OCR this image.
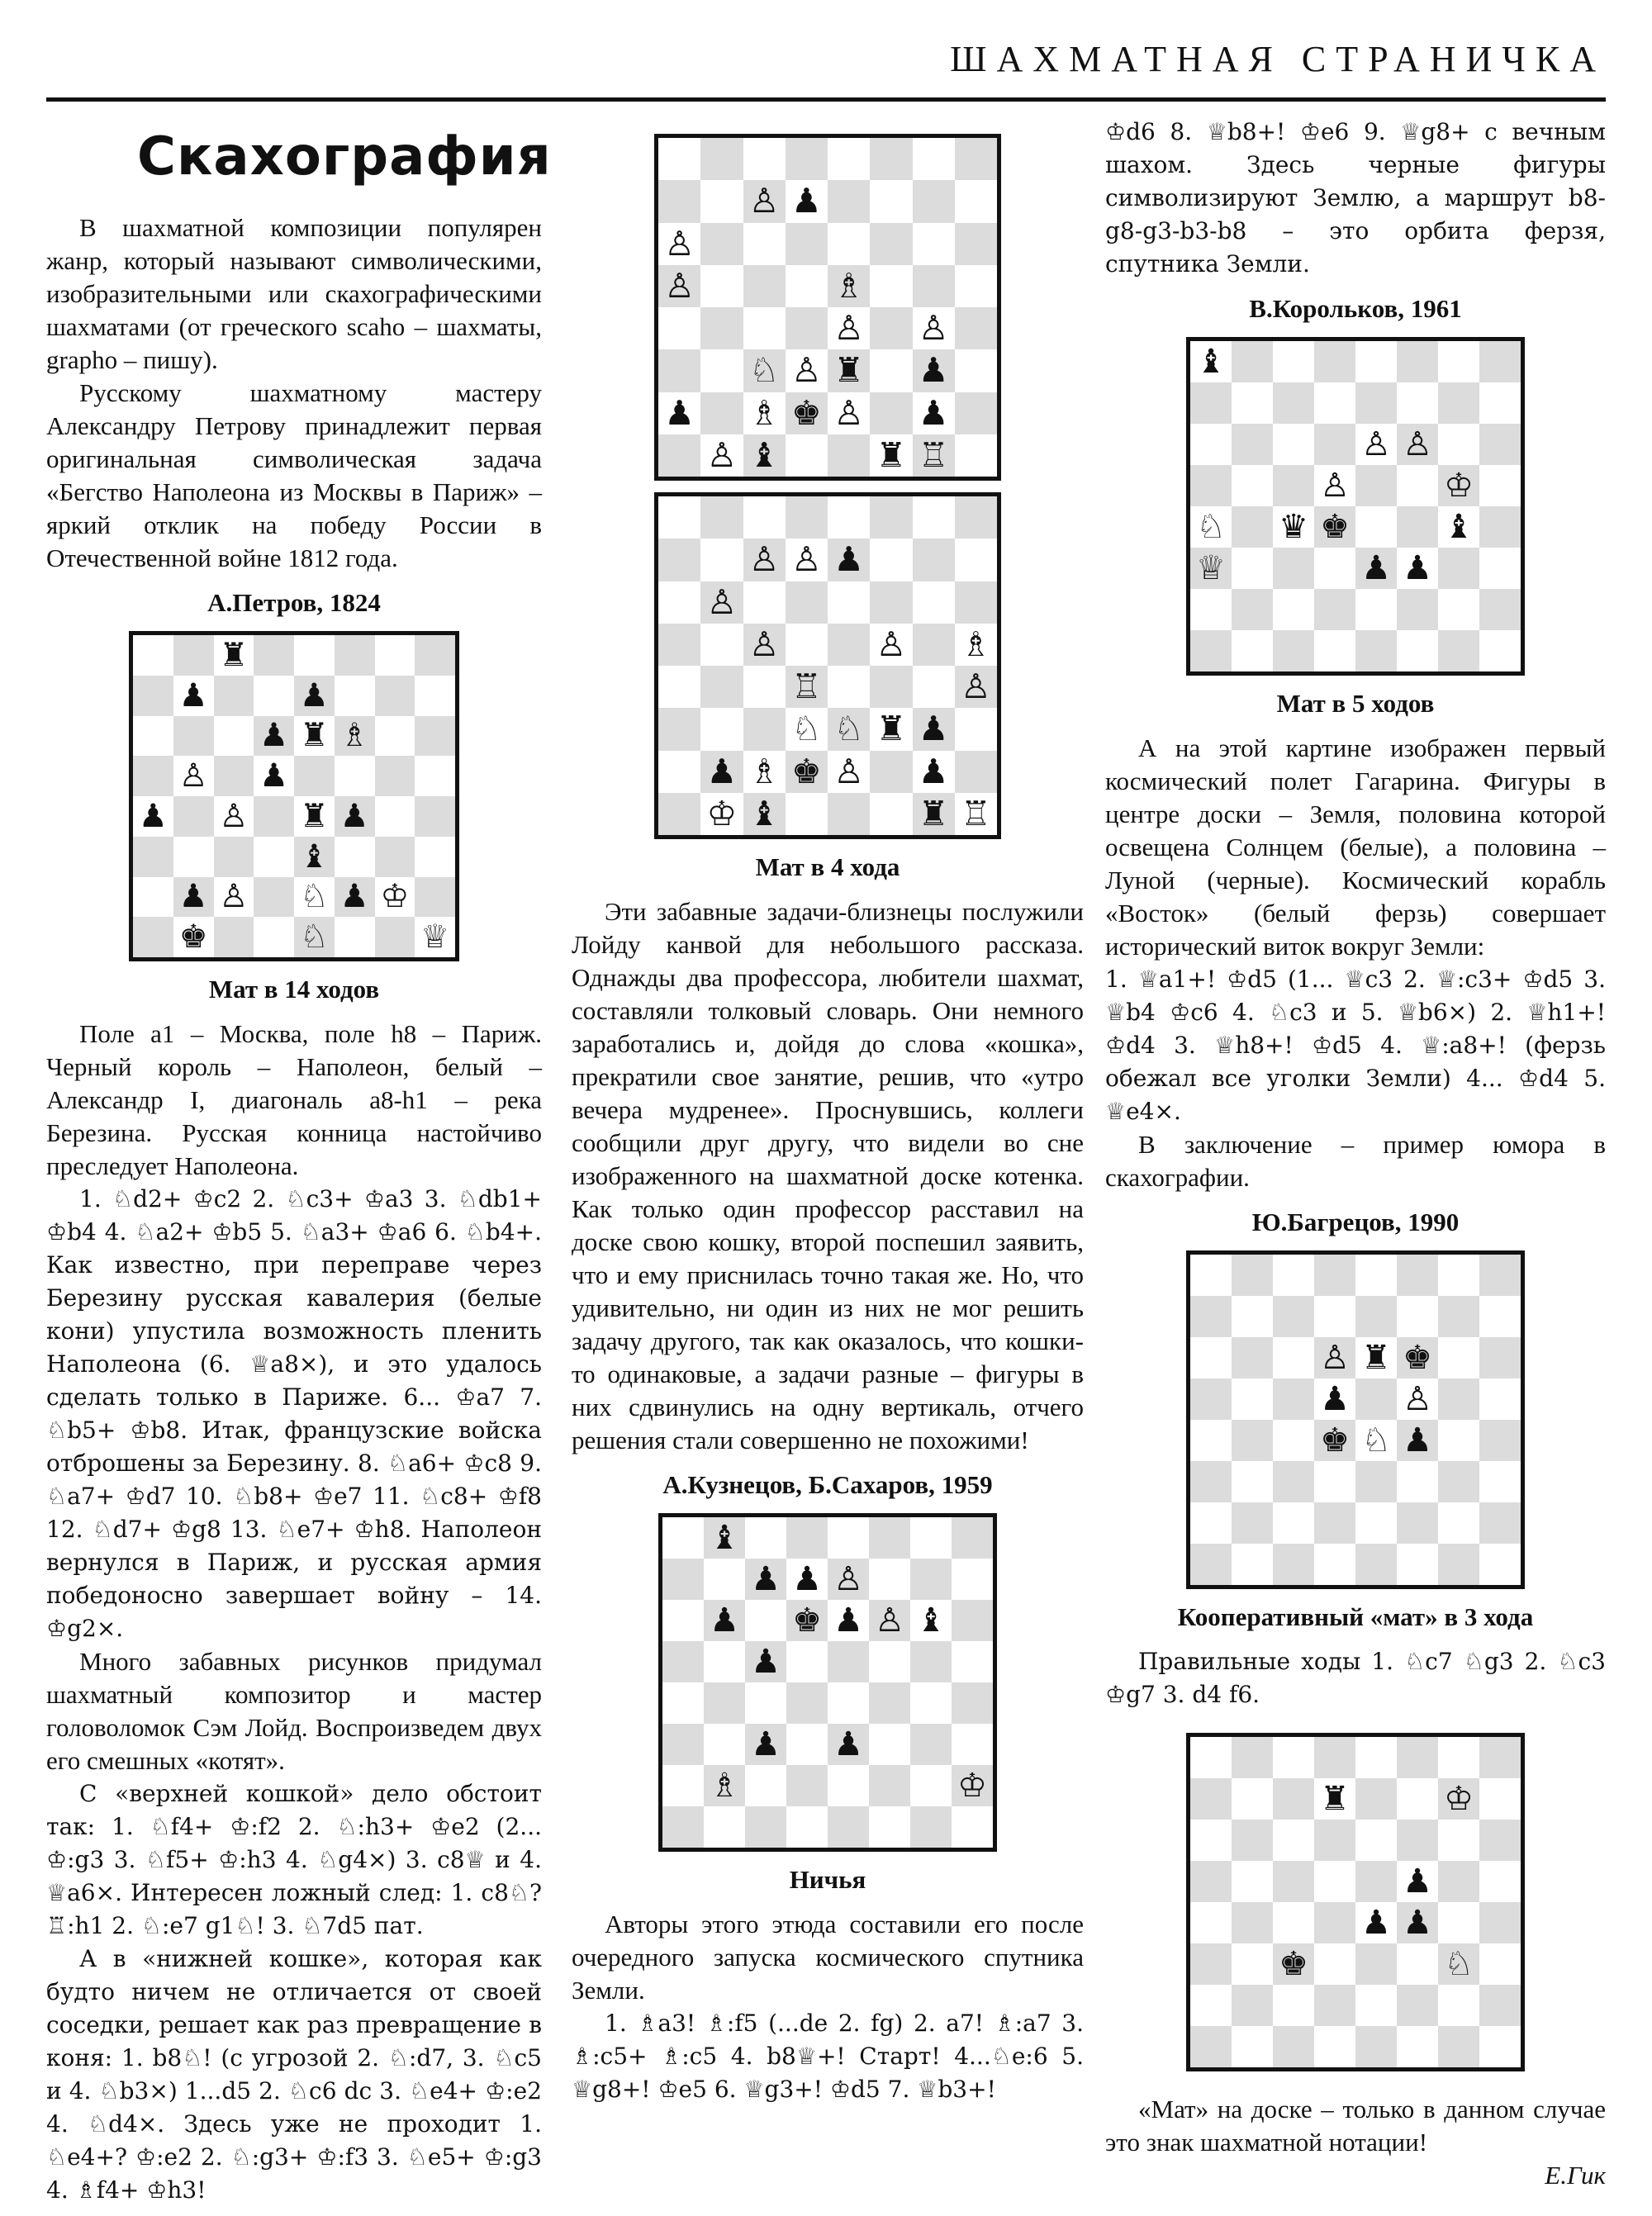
ШАХМАТНАЯ СТРАНИЧКА
Скахография

В шахматной композиции популярен жанр, который называют символическими, изобразительными или скахографическими шахматами (от греческого scaho – шахматы, grapho – пишу).

Русскому шахматному мастеру Александру Петрову принадлежит первая оригинальная символическая задача «Бегство Наполеона из Москвы в Париж» – яркий отклик на победу России в Отечественной войне 1812 года.

А.Петров, 1824
♜
♟	♟
♟ ♜ ♗
♙ ♟
♟ ♙ ♜ ♟
♝
♟ ♙ ♘ ♟ ♔
♚	♘	♕
Мат в 14 ходов

Поле a1 – Москва, поле h8 – Париж. Черный король – Наполеон, белый – Александр I, диагональ a8-h1 – река Березина. Русская конница настойчиво преследует Наполеона.

1. ♘d2+ ♔c2 2. ♘c3+ ♔a3 3. ♘db1+ ♔b4 4. ♘a2+ ♔b5 5. ♘a3+ ♔a6 6. ♘b4+. Как известно, при переправе через Березину русская кавалерия (белые кони) упустила возможность пленить Наполеона (6. ♕a8×), и это удалось сделать только в Париже. 6... ♔a7 7. ♘b5+ ♔b8. Итак, французские войска отброшены за Березину. 8. ♘a6+ ♔c8 9. ♘a7+ ♔d7 10. ♘b8+ ♔e7 11. ♘c8+ ♔f8 12. ♘d7+ ♔g8 13. ♘e7+ ♔h8. Наполеон вернулся в Париж, и русская армия победоносно завершает войну – 14. ♔g2×.

Много забавных рисунков придумал шахматный композитор и мастер головоломок Сэм Лойд. Воспроизведем двух его смешных «котят».

С «верхней кошкой» дело обстоит так: 1. ♘f4+ ♔:f2 2. ♘:h3+ ♔e2 (2... ♔:g3 3. ♘f5+ ♔:h3 4. ♘g4×) 3. c8♕ и 4. ♕a6×. Интересен ложный след: 1. c8♘? ♖:h1 2. ♘:e7 g1♘! 3. ♘7d5 пат.

А в «нижней кошке», которая как будто ничем не отличается от своей соседки, решает как раз превращение в коня: 1. b8♘! (с угрозой 2. ♘:d7, 3. ♘c5 и 4. ♘b3×) 1...d5 2. ♘c6 dc 3. ♘e4+ ♔:e2 4. ♘d4×. Здесь уже не проходит 1. ♘e4+? ♔:e2 2. ♘:g3+ ♔:f3 3. ♘e5+ ♔:g3 4. ♗f4+ ♔h3!

♙ ♟
♙
♙	♗
♙ ♙
♘ ♙ ♜ ♟
♟ ♗ ♚ ♙ ♟
♙ ♝	♜ ♖
♙ ♙ ♟
♙
♙	♙ ♗
♖	♙
♘ ♘ ♜ ♟
♟ ♗ ♚ ♙ ♟
♔ ♝	♜ ♖
Мат в 4 хода

Эти забавные задачи-близнецы послужили Лойду канвой для небольшого рассказа. Однажды два профессора, любители шахмат, составляли толковый словарь. Они немного заработались и, дойдя до слова «кошка», прекратили свое занятие, решив, что «утро вечера мудренее». Проснувшись, коллеги сообщили друг другу, что видели во сне изображенного на шахматной доске котенка. Как только один профессор расставил на доске свою кошку, второй поспешил заявить, что и ему приснилась точно такая же. Но, что удивительно, ни один из них не мог решить задачу другого, так как оказалось, что кошки-то одинаковые, а задачи разные – фигуры в них сдвинулись на одну вертикаль, отчего решения стали совершенно не похожими!

А.Кузнецов, Б.Сахаров, 1959
♝
♟ ♟ ♙
♟ ♚ ♟ ♙ ♝
♟
♟ ♟
♗	♔
Ничья

Авторы этого этюда составили его после очередного запуска космического спутника Земли.

1. ♗a3! ♗:f5 (...de 2. fg) 2. a7! ♗:a7 3. ♗:c5+ ♗:c5 4. b8♕+! Старт! 4...♘e:6 5. ♕g8+! ♔e5 6. ♕g3+! ♔d5 7. ♕b3+!

♔d6 8. ♕b8+! ♔e6 9. ♕g8+ с вечным шахом. Здесь черные фигуры символизируют Землю, а маршрут b8-g8-g3-b3-b8 – это орбита ферзя, спутника Земли.

В.Корольков, 1961
♝
♙ ♙
♙	♔
♘ ♛ ♚	♝
♕	♟ ♟
Мат в 5 ходов

А на этой картине изображен первый космический полет Гагарина. Фигуры в центре доски – Земля, половина которой освещена Солнцем (белые), а половина – Луной (черные). Космический корабль «Восток» (белый ферзь) совершает исторический виток вокруг Земли:

1. ♕a1+! ♔d5 (1... ♕c3 2. ♕:c3+ ♔d5 3. ♕b4 ♔c6 4. ♘c3 и 5. ♕b6×) 2. ♕h1+! ♔d4 3. ♕h8+! ♔d5 4. ♕:a8+! (ферзь обежал все уголки Земли) 4... ♔d4 5. ♕e4×.

В заключение – пример юмора в скахографии.

Ю.Багрецов, 1990
♙ ♜ ♚
♟ ♙
♚ ♘ ♟
Кооперативный «мат» в 3 хода

Правильные ходы 1. ♘c7 ♘g3 2. ♘c3 ♔g7 3. d4 f6.

♜	♔
♟
♟ ♟
♚	♘

«Мат» на доске – только в данном случае это знак шахматной нотации!

Е.Гик
